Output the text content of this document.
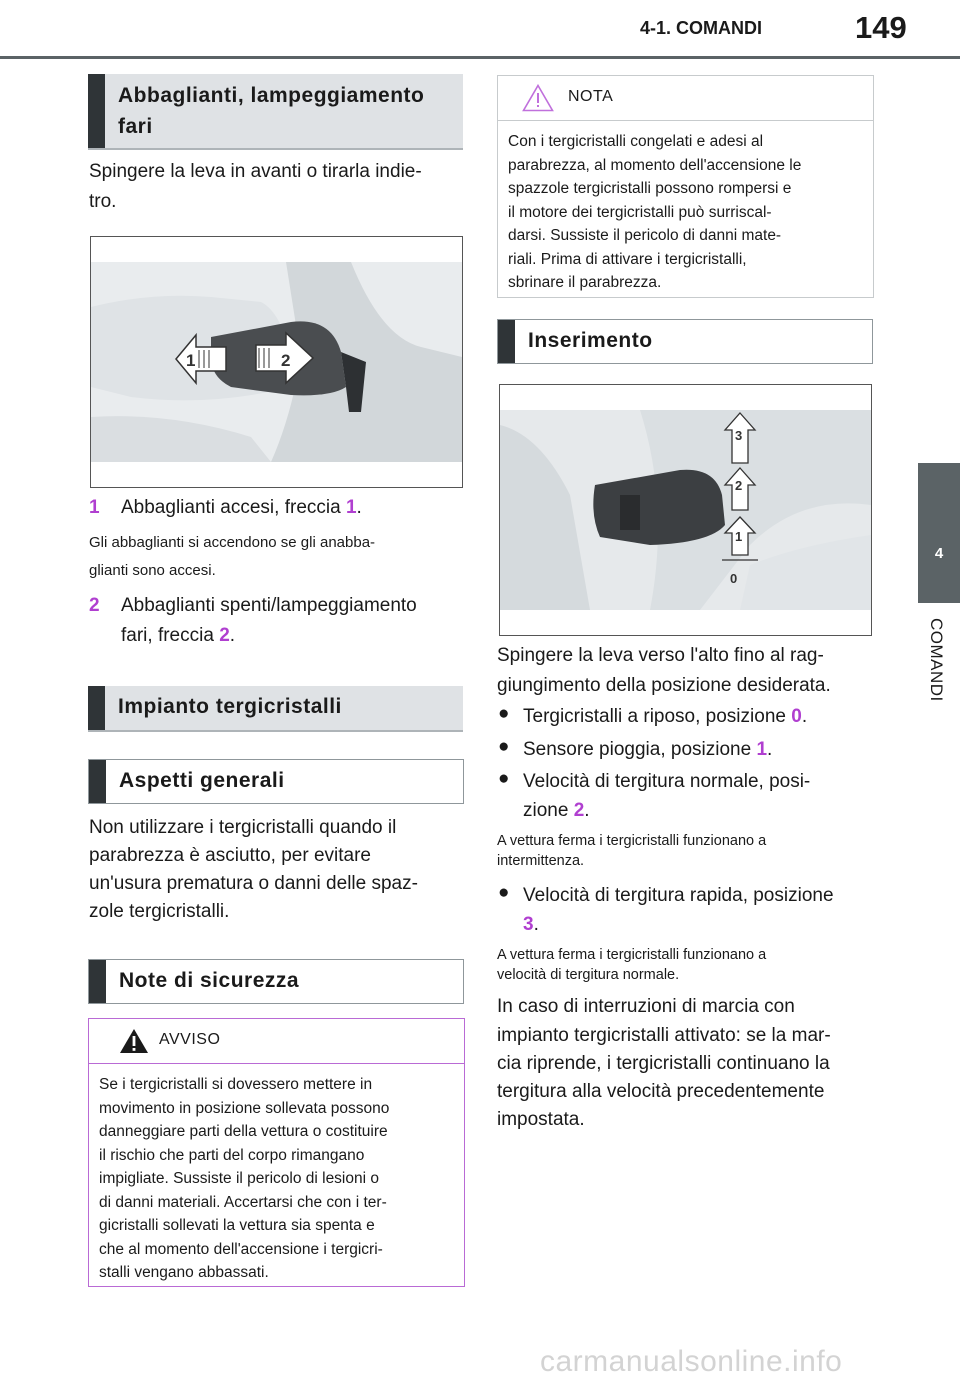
4-1. COMANDI	149
4
COMANDI
Abbaglianti, lampeggiamento fari
Spingere la leva in avanti o tirarla indie-
tro.
1	2
1 Abbaglianti accesi, freccia 1.
Gli abbaglianti si accendono se gli anabba-
glianti sono accesi.
2 Abbaglianti spenti/lampeggiamento
fari, freccia 2.
Impianto tergicristalli
Aspetti generali
Non utilizzare i tergicristalli quando il
parabrezza è asciutto, per evitare
un'usura prematura o danni delle spaz-
zole tergicristalli.
Note di sicurezza
AVVISO
Se i tergicristalli si dovessero mettere in
movimento in posizione sollevata possono
danneggiare parti della vettura o costituire
il rischio che parti del corpo rimangano
impigliate. Sussiste il pericolo di lesioni o
di danni materiali. Accertarsi che con i ter-
gicristalli sollevati la vettura sia spenta e
che al momento dell'accensione i tergicri-
stalli vengano abbassati.
NOTA
Con i tergicristalli congelati e adesi al
parabrezza, al momento dell'accensione le
spazzole tergicristalli possono rompersi e
il motore dei tergicristalli può surriscal-
darsi. Sussiste il pericolo di danni mate-
riali. Prima di attivare i tergicristalli,
sbrinare il parabrezza.
Inserimento
3
2
1
0
Spingere la leva verso l'alto fino al rag-
giungimento della posizione desiderata.
● Tergicristalli a riposo, posizione 0.
● Sensore pioggia, posizione 1.
● Velocità di tergitura normale, posi-
zione 2.
A vettura ferma i tergicristalli funzionano a
intermittenza.
● Velocità di tergitura rapida, posizione
3.
A vettura ferma i tergicristalli funzionano a
velocità di tergitura normale.
In caso di interruzioni di marcia con
impianto tergicristalli attivato: se la mar-
cia riprende, i tergicristalli continuano la
tergitura alla velocità precedentemente
impostata.
carmanualsonline.info
